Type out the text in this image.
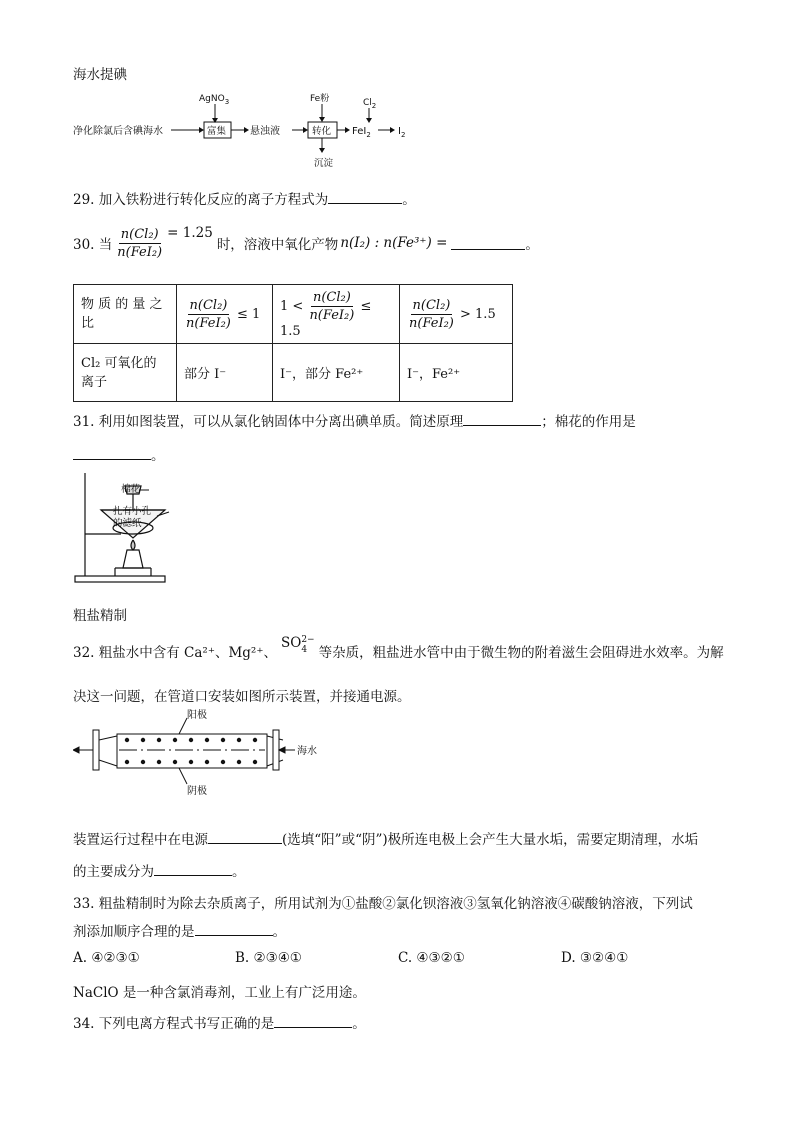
海水提碘
净化除氯后含碘海水
AgNO$_3$
富集 悬浊液
Fe粉
转化
沉淀
$Cl_2$
FeI$_2$	$I_2$
29. 加入铁粉进行转化反应的离子方程式为	。
30. 当 $\frac{\text{n(Cl₂)}}{\text{n(FeI₂)}} = 1.25$
时，溶液中氧化产物 n(I₂) : n(Fe³⁺) =	。
物 质 的 量 之 比	$\frac{\text{n(Cl₂)}}{\text{n(FeI₂)}} \le 1$	$1 < \frac{\text{n(Cl₂)}}{\text{n(FeI₂)}} \le 1.5$	$\frac{\text{n(Cl₂)}}{\text{n(FeI₂)}} > 1.5$
Cl₂ 可氧化的离子	部分 I⁻	I⁻，部分 Fe²⁺	I⁻，Fe²⁺
31. 利用如图装置，可以从氯化钠固体中分离出碘单质。简述原理	；棉花的作用是
。
棉花
扎有小孔
的滤纸
粗盐精制
32. 粗盐水中含有 Ca²⁺、Mg²⁺、
SO 2−
4 等杂质，粗盐进水管中由于微生物的附着滋生会阻碍进水效率。为解
决这一问题，在管道口安装如图所示装置，并接通电源。
阳极
阴极
海水
装置运行过程中在电源	(选填“阳”或“阴”)极所连电极上会产生大量水垢，需要定期清理，水垢
的主要成分为	。
33. 粗盐精制时为除去杂质离子，所用试剂为①盐酸②氯化钡溶液③氢氧化钠溶液④碳酸钠溶液，下列试
剂添加顺序合理的是	。
A. ④②③①	B. ②③④①	C. ④③②①	D. ③②④①
NaClO 是一种含氯消毒剂，工业上有广泛用途。
34. 下列电离方程式书写正确的是	。
